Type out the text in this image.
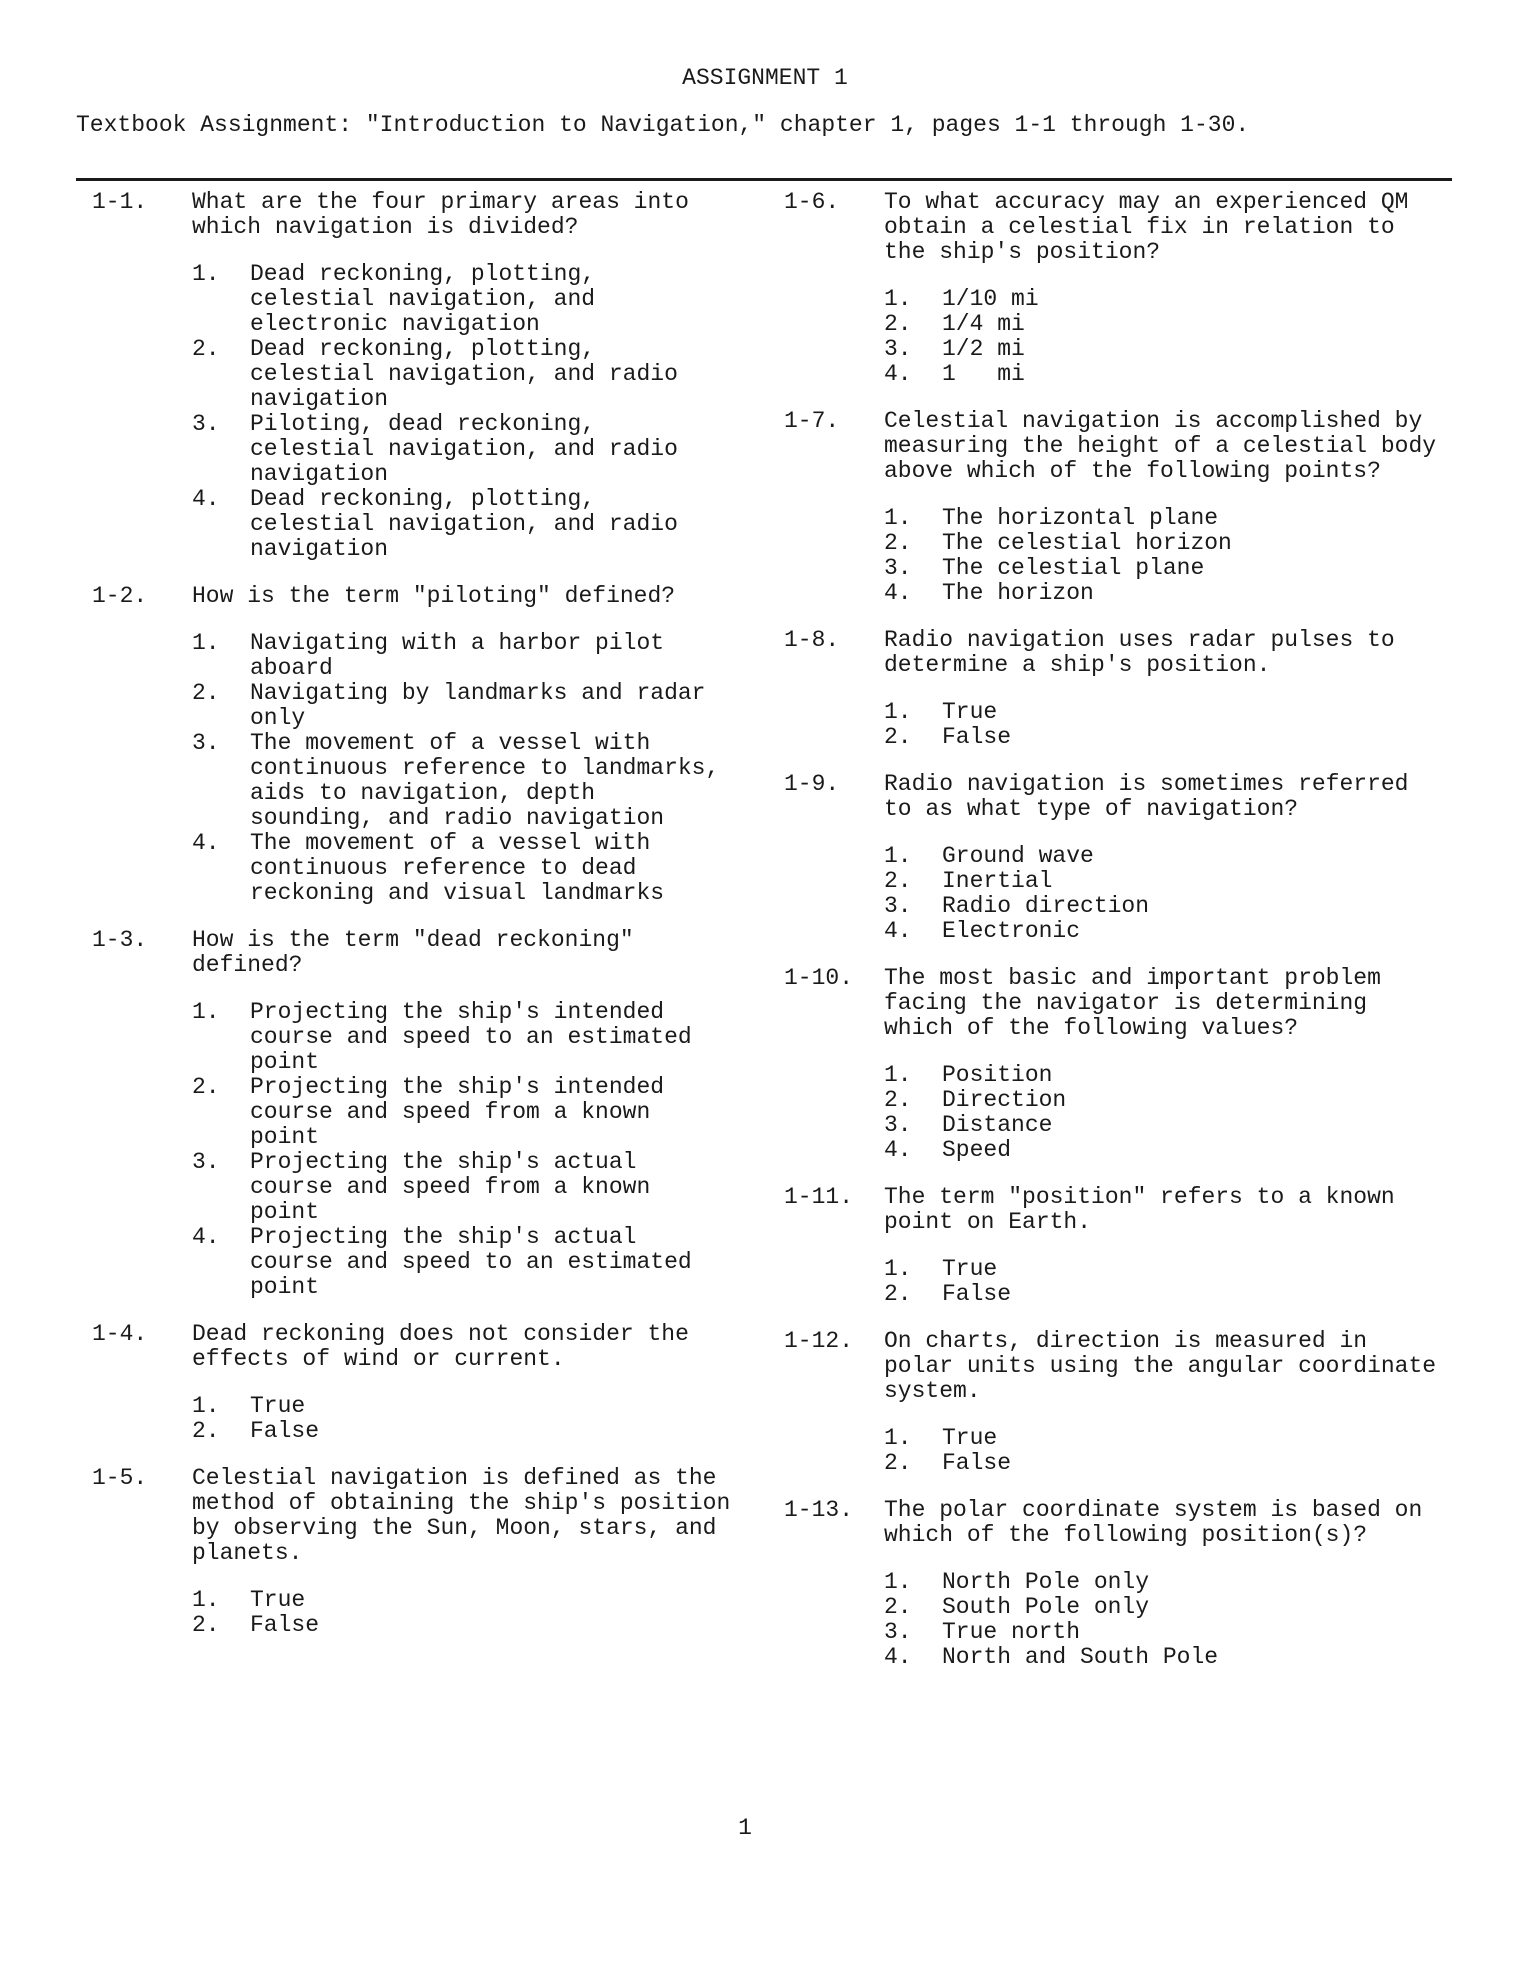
ASSIGNMENT 1
Textbook Assignment: "Introduction to Navigation," chapter 1, pages 1-1 through 1-30.
1-1.	What are the four primary areas into which navigation is divided?
1. Dead reckoning, plotting, celestial navigation, and electronic navigation
2. Dead reckoning, plotting, celestial navigation, and radio navigation
3. Piloting, dead reckoning, celestial navigation, and radio navigation
4. Dead reckoning, plotting, celestial navigation, and radio navigation
1-2.	How is the term "piloting" defined?
1. Navigating with a harbor pilot aboard
2. Navigating by landmarks and radar only
3. The movement of a vessel with continuous reference to landmarks, aids to navigation, depth sounding, and radio navigation
4. The movement of a vessel with continuous reference to dead reckoning and visual landmarks
1-3.	How is the term "dead reckoning" defined?
1. Projecting the ship's intended course and speed to an estimated point
2. Projecting the ship's intended course and speed from a known point
3. Projecting the ship's actual course and speed from a known point
4. Projecting the ship's actual course and speed to an estimated point
1-4.	Dead reckoning does not consider the effects of wind or current.
1. True
2. False
1-5.	Celestial navigation is defined as the method of obtaining the ship's position by observing the Sun, Moon, stars, and planets.
1. True
2. False
1-6.	To what accuracy may an experienced QM obtain a celestial fix in relation to the ship's position?
1. 1/10 mi
2. 1/4 mi
3. 1/2 mi
4. 1   mi
1-7.	Celestial navigation is accomplished by measuring the height of a celestial body above which of the following points?
1. The horizontal plane
2. The celestial horizon
3. The celestial plane
4. The horizon
1-8.	Radio navigation uses radar pulses to determine a ship's position.
1. True
2. False
1-9.	Radio navigation is sometimes referred to as what type of navigation?
1. Ground wave
2. Inertial
3. Radio direction
4. Electronic
1-10.	The most basic and important problem facing the navigator is determining which of the following values?
1. Position
2. Direction
3. Distance
4. Speed
1-11.	The term "position" refers to a known point on Earth.
1. True
2. False
1-12.	On charts, direction is measured in polar units using the angular coordinate system.
1. True
2. False
1-13.	The polar coordinate system is based on which of the following position(s)?
1. North Pole only
2. South Pole only
3. True north
4. North and South Pole
1
